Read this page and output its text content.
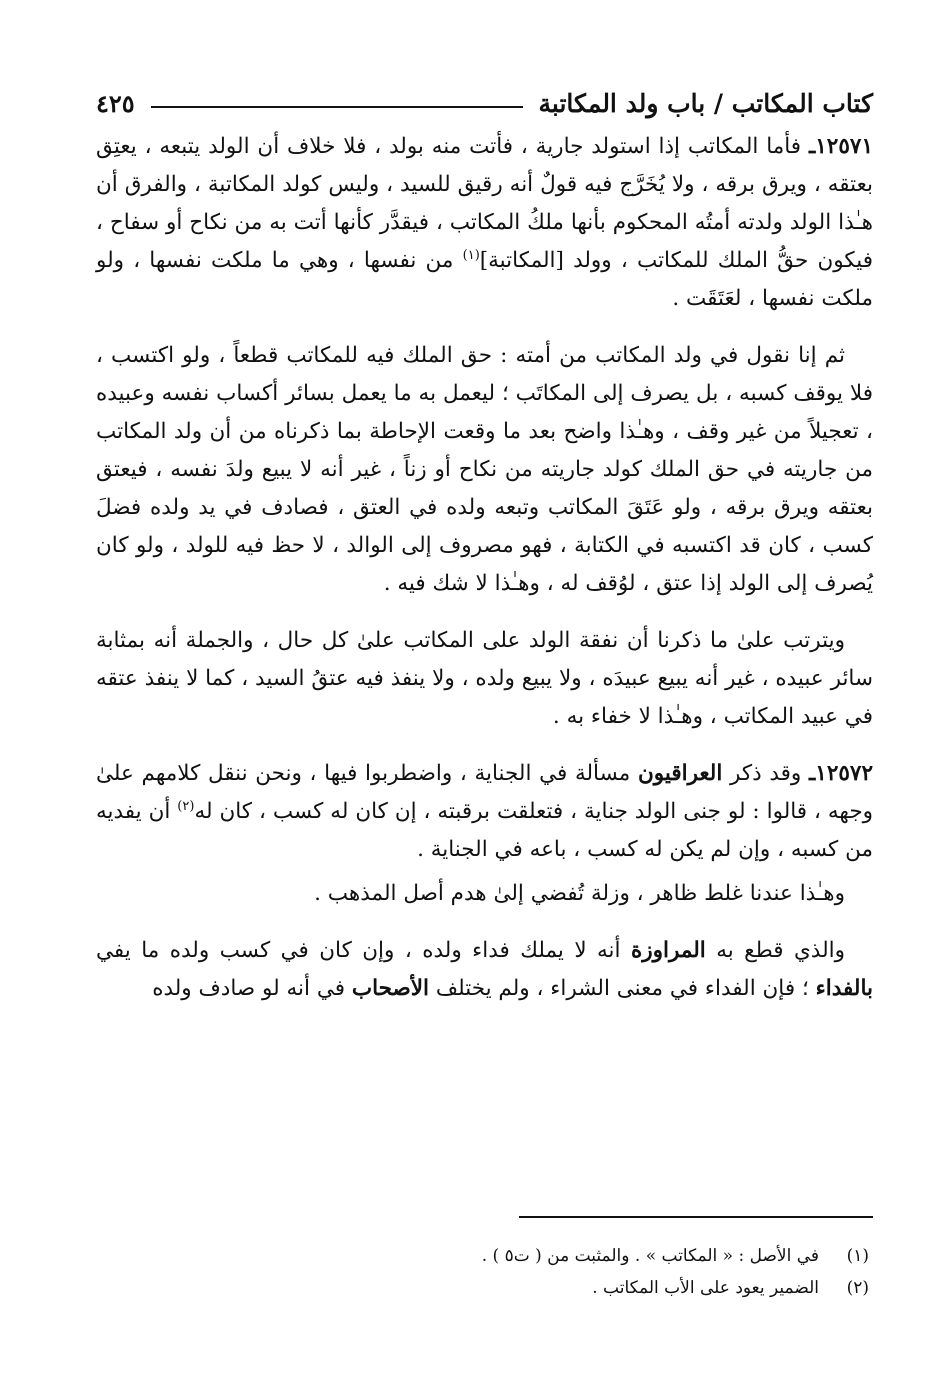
كتاب المكاتب / باب ولد المكاتبة
٤٢٥

١٢٥٧١ـ فأما المكاتب إذا استولد جارية ، فأتت منه بولد ، فلا خلاف أن الولد يتبعه ، يعتِق بعتقه ، ويرق برقه ، ولا يُخَرَّج فيه قولٌ أنه رقيق للسيد ، وليس كولد المكاتبة ، والفرق أن هـٰذا الولد ولدته أمتُه المحكوم بأنها ملكُ المكاتب ، فيقدَّر كأنها أتت به من نكاح أو سفاح ، فيكون حقُّ الملك للمكاتب ، وولد [المكاتبة]$^{(١)}$ من نفسها ، وهي ما ملكت نفسها ، ولو ملكت نفسها ، لعَتَقَت .

ثم إنا نقول في ولد المكاتب من أمته : حق الملك فيه للمكاتب قطعاً ، ولو اكتسب ، فلا يوقف كسبه ، بل يصرف إلى المكاتَب ؛ ليعمل به ما يعمل بسائر أكساب نفسه وعبيده ، تعجيلاً من غير وقف ، وهـٰذا واضح بعد ما وقعت الإحاطة بما ذكرناه من أن ولد المكاتب من جاريته في حق الملك كولد جاريته من نكاح أو زناً ، غير أنه لا يبيع ولدَ نفسه ، فيعتق بعتقه ويرق برقه ، ولو عَتَقَ المكاتب وتبعه ولده في العتق ، فصادف في يد ولده فضلَ كسب ، كان قد اكتسبه في الكتابة ، فهو مصروف إلى الوالد ، لا حظ فيه للولد ، ولو كان يُصرف إلى الولد إذا عتق ، لوُقف له ، وهـٰذا لا شك فيه .

ويترتب علىٰ ما ذكرنا أن نفقة الولد على المكاتب علىٰ كل حال ، والجملة أنه بمثابة سائر عبيده ، غير أنه يبيع عبيدَه ، ولا يبيع ولده ، ولا ينفذ فيه عتقُ السيد ، كما لا ينفذ عتقه في عبيد المكاتب ، وهـٰذا لا خفاء به .

١٢٥٧٢ـ وقد ذكر العراقيون مسألة في الجناية ، واضطربوا فيها ، ونحن ننقل كلامهم علىٰ وجهه ، قالوا : لو جنى الولد جناية ، فتعلقت برقبته ، إن كان له كسب ، كان له$^{(٢)}$ أن يفديه من كسبه ، وإن لم يكن له كسب ، باعه في الجناية .

وهـٰذا عندنا غلط ظاهر ، وزلة تُفضي إلىٰ هدم أصل المذهب .

والذي قطع به المراوزة أنه لا يملك فداء ولده ، وإن كان في كسب ولده ما يفي بالفداء ؛ فإن الفداء في معنى الشراء ، ولم يختلف الأصحاب في أنه لو صادف ولده

(١)
في الأصل : « المكاتب » . والمثبت من ( ت٥ ) .
(٢)
الضمير يعود على الأب المكاتب .
